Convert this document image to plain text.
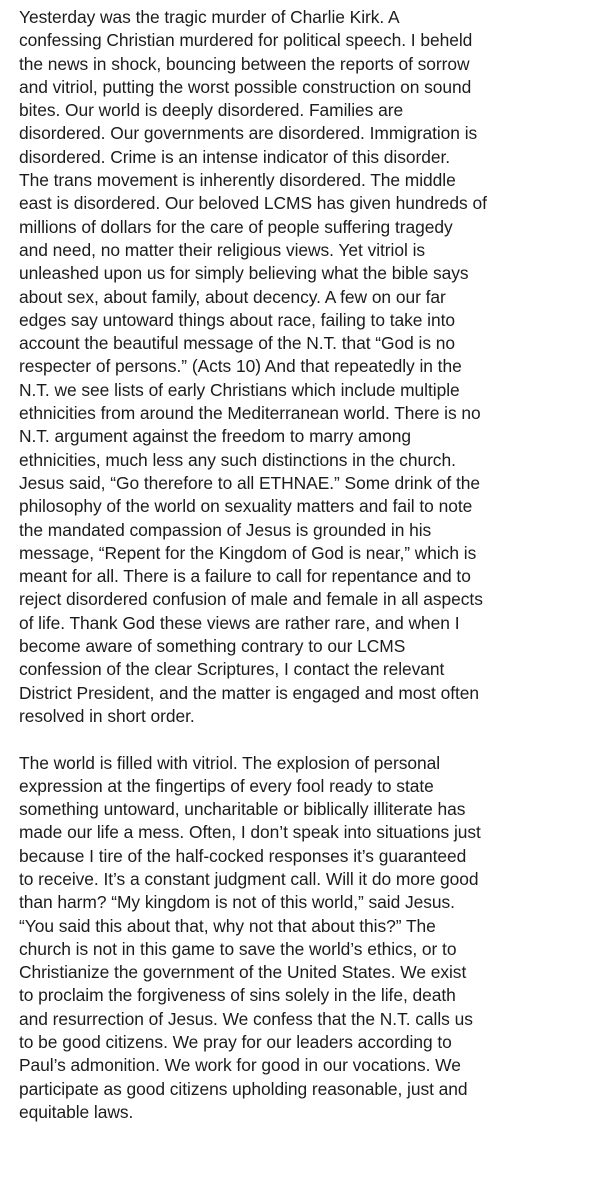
Yesterday was the tragic murder of Charlie Kirk. A
confessing Christian murdered for political speech. I beheld
the news in shock, bouncing between the reports of sorrow
and vitriol, putting the worst possible construction on sound
bites. Our world is deeply disordered. Families are
disordered. Our governments are disordered. Immigration is
disordered. Crime is an intense indicator of this disorder.
The trans movement is inherently disordered. The middle
east is disordered. Our beloved LCMS has given hundreds of
millions of dollars for the care of people suffering tragedy
and need, no matter their religious views. Yet vitriol is
unleashed upon us for simply believing what the bible says
about sex, about family, about decency. A few on our far
edges say untoward things about race, failing to take into
account the beautiful message of the N.T. that “God is no
respecter of persons.” (Acts 10) And that repeatedly in the
N.T. we see lists of early Christians which include multiple
ethnicities from around the Mediterranean world. There is no
N.T. argument against the freedom to marry among
ethnicities, much less any such distinctions in the church.
Jesus said, “Go therefore to all ETHNAE.” Some drink of the
philosophy of the world on sexuality matters and fail to note
the mandated compassion of Jesus is grounded in his
message, “Repent for the Kingdom of God is near,” which is
meant for all. There is a failure to call for repentance and to
reject disordered confusion of male and female in all aspects
of life. Thank God these views are rather rare, and when I
become aware of something contrary to our LCMS
confession of the clear Scriptures, I contact the relevant
District President, and the matter is engaged and most often
resolved in short order.

The world is filled with vitriol. The explosion of personal
expression at the fingertips of every fool ready to state
something untoward, uncharitable or biblically illiterate has
made our life a mess. Often, I don’t speak into situations just
because I tire of the half-cocked responses it’s guaranteed
to receive. It’s a constant judgment call. Will it do more good
than harm? “My kingdom is not of this world,” said Jesus.
“You said this about that, why not that about this?” The
church is not in this game to save the world’s ethics, or to
Christianize the government of the United States. We exist
to proclaim the forgiveness of sins solely in the life, death
and resurrection of Jesus. We confess that the N.T. calls us
to be good citizens. We pray for our leaders according to
Paul’s admonition. We work for good in our vocations. We
participate as good citizens upholding reasonable, just and
equitable laws.
